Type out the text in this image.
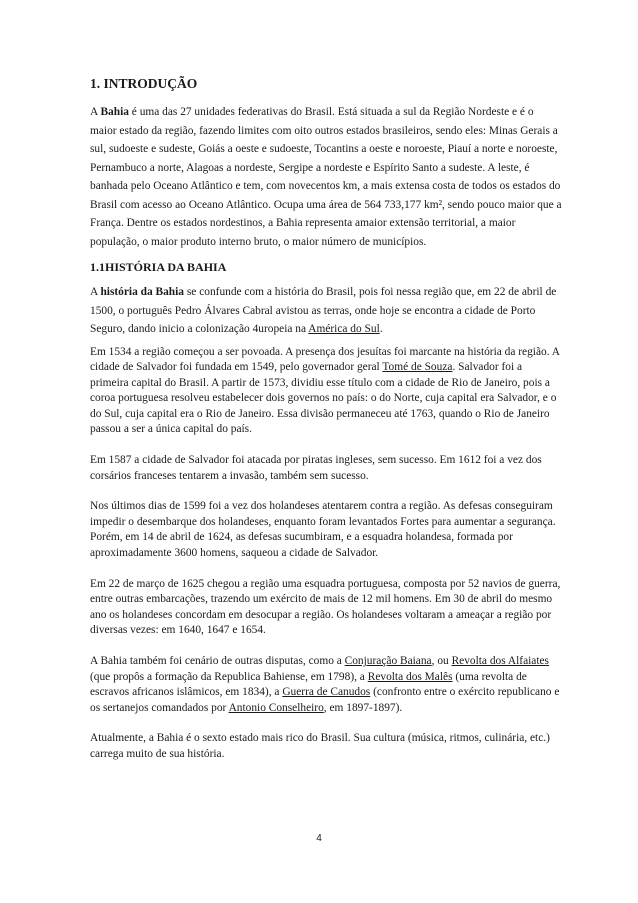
1. INTRODUÇÃO

A Bahia é uma das 27 unidades federativas do Brasil. Está situada a sul da Região Nordeste e é o maior estado da região, fazendo limites com oito outros estados brasileiros, sendo eles: Minas Gerais a sul, sudoeste e sudeste, Goiás a oeste e sudoeste, Tocantins a oeste e noroeste, Piauí a norte e noroeste, Pernambuco a norte, Alagoas a nordeste, Sergipe a nordeste e Espírito Santo a sudeste. A leste, é banhada pelo Oceano Atlântico e tem, com novecentos km, a mais extensa costa de todos os estados do Brasil com acesso ao Oceano Atlântico. Ocupa uma área de 564 733,177 km², sendo pouco maior que a França. Dentre os estados nordestinos, a Bahia representa amaior extensão territorial, a maior população, o maior produto interno bruto, o maior número de municípios.

1.1HISTÓRIA DA BAHIA

A história da Bahia se confunde com a história do Brasil, pois foi nessa região que, em 22 de abril de 1500, o português Pedro Álvares Cabral avistou as terras, onde hoje se encontra a cidade de Porto Seguro, dando inicio a colonização 4uropeia na América do Sul.

Em 1534 a região começou a ser povoada. A presença dos jesuítas foi marcante na história da região. A cidade de Salvador foi fundada em 1549, pelo governador geral Tomé de Souza. Salvador foi a primeira capital do Brasil. A partir de 1573, dividiu esse título com a cidade de Rio de Janeiro, pois a coroa portuguesa resolveu estabelecer dois governos no país: o do Norte, cuja capital era Salvador, e o do Sul, cuja capital era o Rio de Janeiro. Essa divisão permaneceu até 1763, quando o Rio de Janeiro passou a ser a única capital do país.

Em 1587 a cidade de Salvador foi atacada por piratas ingleses, sem sucesso. Em 1612 foi a vez dos corsários franceses tentarem a invasão, também sem sucesso.

Nos últimos dias de 1599 foi a vez dos holandeses atentarem contra a região. As defesas conseguiram impedir o desembarque dos holandeses, enquanto foram levantados Fortes para aumentar a segurança. Porém, em 14 de abril de 1624, as defesas sucumbiram, e a esquadra holandesa, formada por aproximadamente 3600 homens, saqueou a cidade de Salvador.

Em 22 de março de 1625 chegou a região uma esquadra portuguesa, composta por 52 navios de guerra, entre outras embarcações, trazendo um exército de mais de 12 mil homens. Em 30 de abril do mesmo ano os holandeses concordam em desocupar a região. Os holandeses voltaram a ameaçar a região por diversas vezes: em 1640, 1647 e 1654.

A Bahia também foi cenário de outras disputas, como a Conjuração Baiana, ou Revolta dos Alfaiates (que propôs a formação da Republica Bahiense, em 1798), a Revolta dos Malês (uma revolta de escravos africanos islâmicos, em 1834), a Guerra de Canudos (confronto entre o exército republicano e os sertanejos comandados por Antonio Conselheiro, em 1897-1897).

Atualmente, a Bahia é o sexto estado mais rico do Brasil. Sua cultura (música, ritmos, culinária, etc.) carrega muito de sua história.

4
